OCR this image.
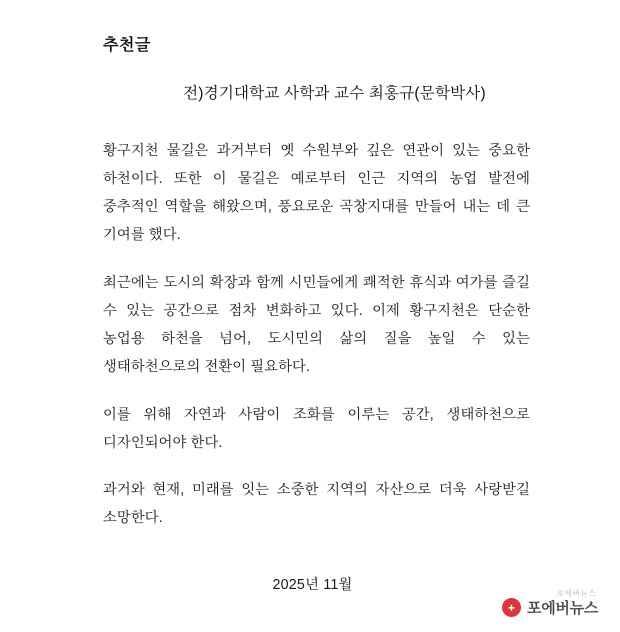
추천글
전)경기대학교 사학과 교수 최홍규(문학박사)

황구지천 물길은 과거부터 옛 수원부와 깊은 연관이 있는 중요한 하천이다. 또한 이 물길은 예로부터 인근 지역의 농업 발전에 중추적인 역할을 해왔으며, 풍요로운 곡창지대를 만들어 내는 데 큰 기여를 했다.

최근에는 도시의 확장과 함께 시민들에게 쾌적한 휴식과 여가를 즐길 수 있는 공간으로 점차 변화하고 있다. 이제 황구지천은 단순한 농업용 하천을 넘어, 도시민의 삶의 질을 높일 수 있는 생태하천으로의 전환이 필요하다.

이를 위해 자연과 사람이 조화를 이루는 공간, 생태하천으로 디자인되어야 한다.

과거와 현재, 미래를 잇는 소중한 지역의 자산으로 더욱 사랑받길 소망한다.

2025년 11월
포에버뉴스
+ 포에버뉴스
